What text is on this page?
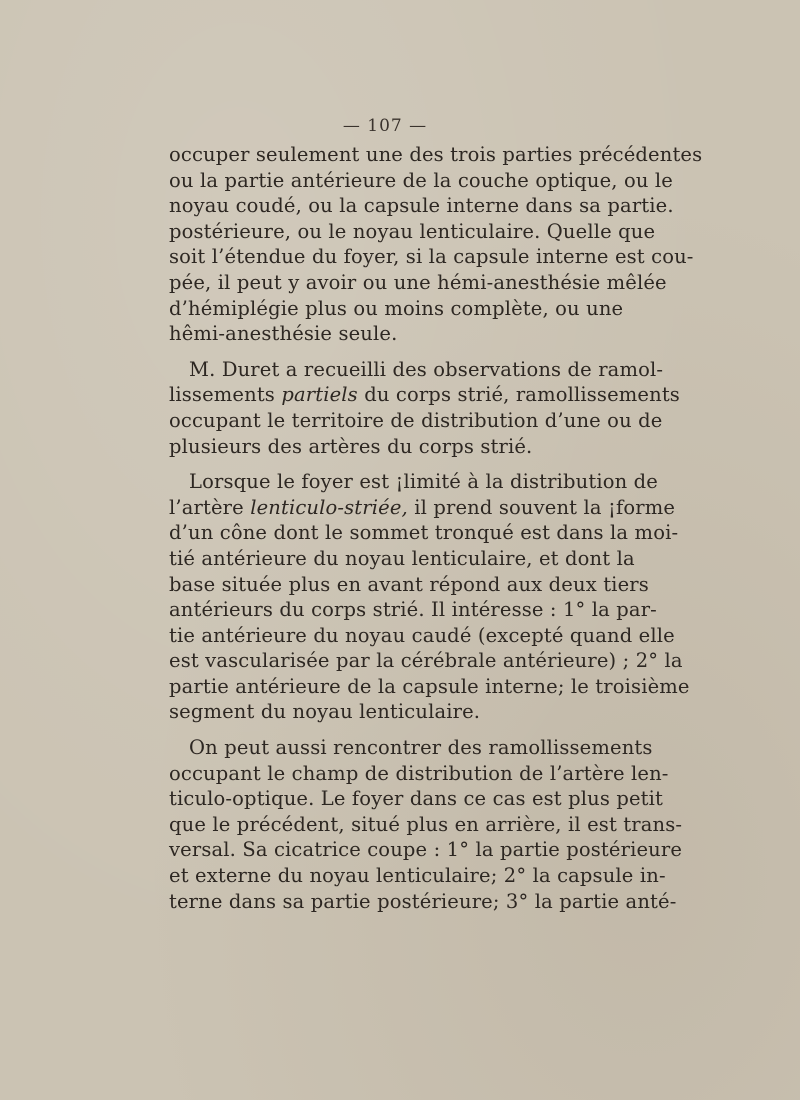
— 107 —
occuper seulement une des trois parties précédentes
ou la partie antérieure de la couche optique, ou le
noyau coudé, ou la capsule interne dans sa partie.
postérieure, ou le noyau lenticulaire. Quelle que
soit l’étendue du foyer, si la capsule interne est cou-
pée, il peut y avoir ou une hémi-anesthésie mêlée
d’hémiplégie plus ou moins complète, ou une
hêmi-anesthésie seule.
M. Duret a recueilli des observations de ramol-
lissements partiels du corps strié, ramollissements
occupant le territoire de distribution d’une ou de
plusieurs des artères du corps strié.
Lorsque le foyer est ¡limité à la distribution de
l’artère lenticulo-striée, il prend souvent la ¡forme
d’un cône dont le sommet tronqué est dans la moi-
tié antérieure du noyau lenticulaire, et dont la
base située plus en avant répond aux deux tiers
antérieurs du corps strié. Il intéresse : 1° la par-
tie antérieure du noyau caudé (excepté quand elle
est vascularisée par la cérébrale antérieure) ; 2° la
partie antérieure de la capsule interne; le troisième
segment du noyau lenticulaire.
On peut aussi rencontrer des ramollissements
occupant le champ de distribution de l’artère len-
ticulo-optique. Le foyer dans ce cas est plus petit
que le précédent, situé plus en arrière, il est trans-
versal. Sa cicatrice coupe : 1° la partie postérieure
et externe du noyau lenticulaire; 2° la capsule in-
terne dans sa partie postérieure; 3° la partie anté-
